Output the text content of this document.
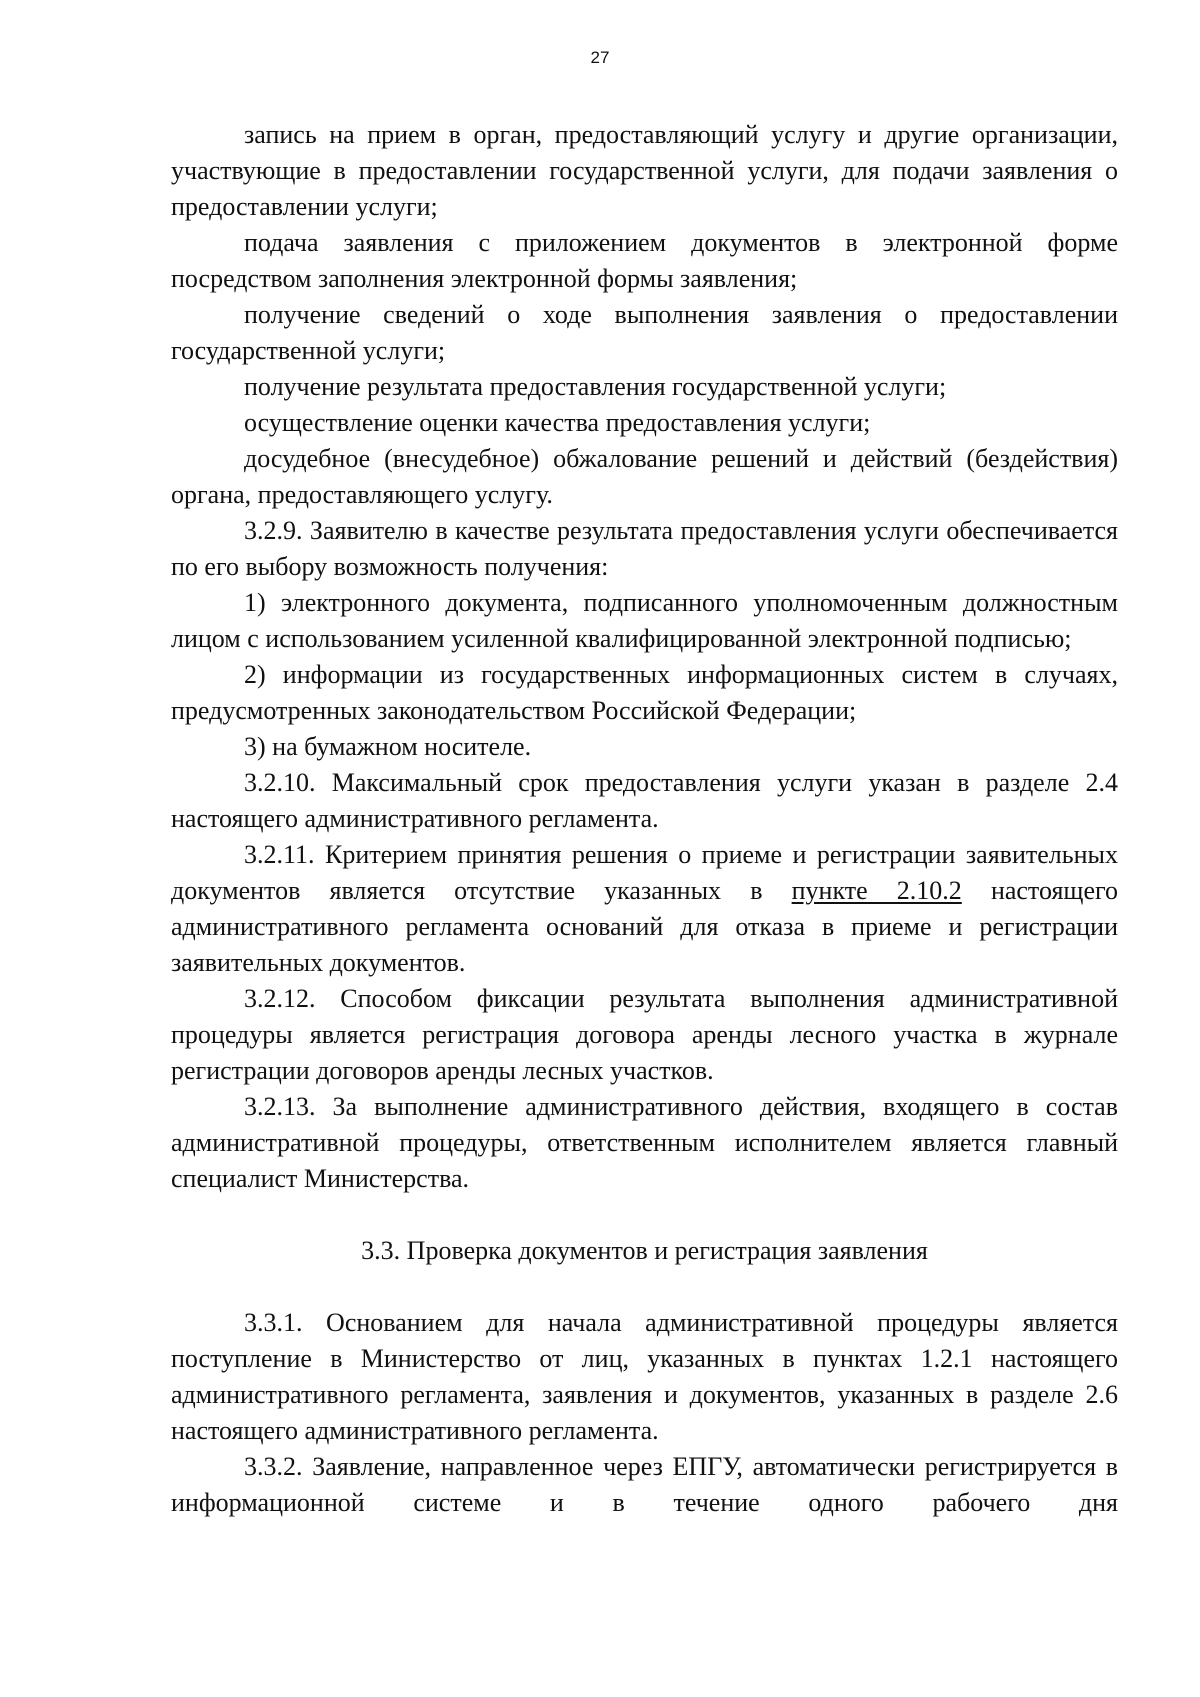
27

запись на прием в орган, предоставляющий услугу и другие организации, участвующие в предоставлении государственной услуги, для подачи заявления о предоставлении услуги;

подача заявления с приложением документов в электронной форме посредством заполнения электронной формы заявления;

получение сведений о ходе выполнения заявления о предоставлении государственной услуги;

получение результата предоставления государственной услуги;

осуществление оценки качества предоставления услуги;

досудебное (внесудебное) обжалование решений и действий (бездействия) органа, предоставляющего услугу.

3.2.9. Заявителю в качестве результата предоставления услуги обеспечивается по его выбору возможность получения:

1) электронного документа, подписанного уполномоченным должностным лицом с использованием усиленной квалифицированной электронной подписью;

2) информации из государственных информационных систем в случаях, предусмотренных законодательством Российской Федерации;

3) на бумажном носителе.

3.2.10. Максимальный срок предоставления услуги указан в разделе 2.4 настоящего административного регламента.

3.2.11. Критерием принятия решения о приеме и регистрации заявительных документов является отсутствие указанных в пункте 2.10.2 настоящего административного регламента оснований для отказа в приеме и регистрации заявительных документов.

3.2.12. Способом фиксации результата выполнения административной процедуры является регистрация договора аренды лесного участка в журнале регистрации договоров аренды лесных участков.

3.2.13. За выполнение административного действия, входящего в состав административной процедуры, ответственным исполнителем является главный специалист Министерства.

3.3. Проверка документов и регистрация заявления

3.3.1. Основанием для начала административной процедуры является поступление в Министерство от лиц, указанных в пунктах 1.2.1 настоящего административного регламента, заявления и документов, указанных в разделе 2.6 настоящего административного регламента.

3.3.2. Заявление, направленное через ЕПГУ, автоматически регистрируется в информационной системе и в течение одного рабочего дня
